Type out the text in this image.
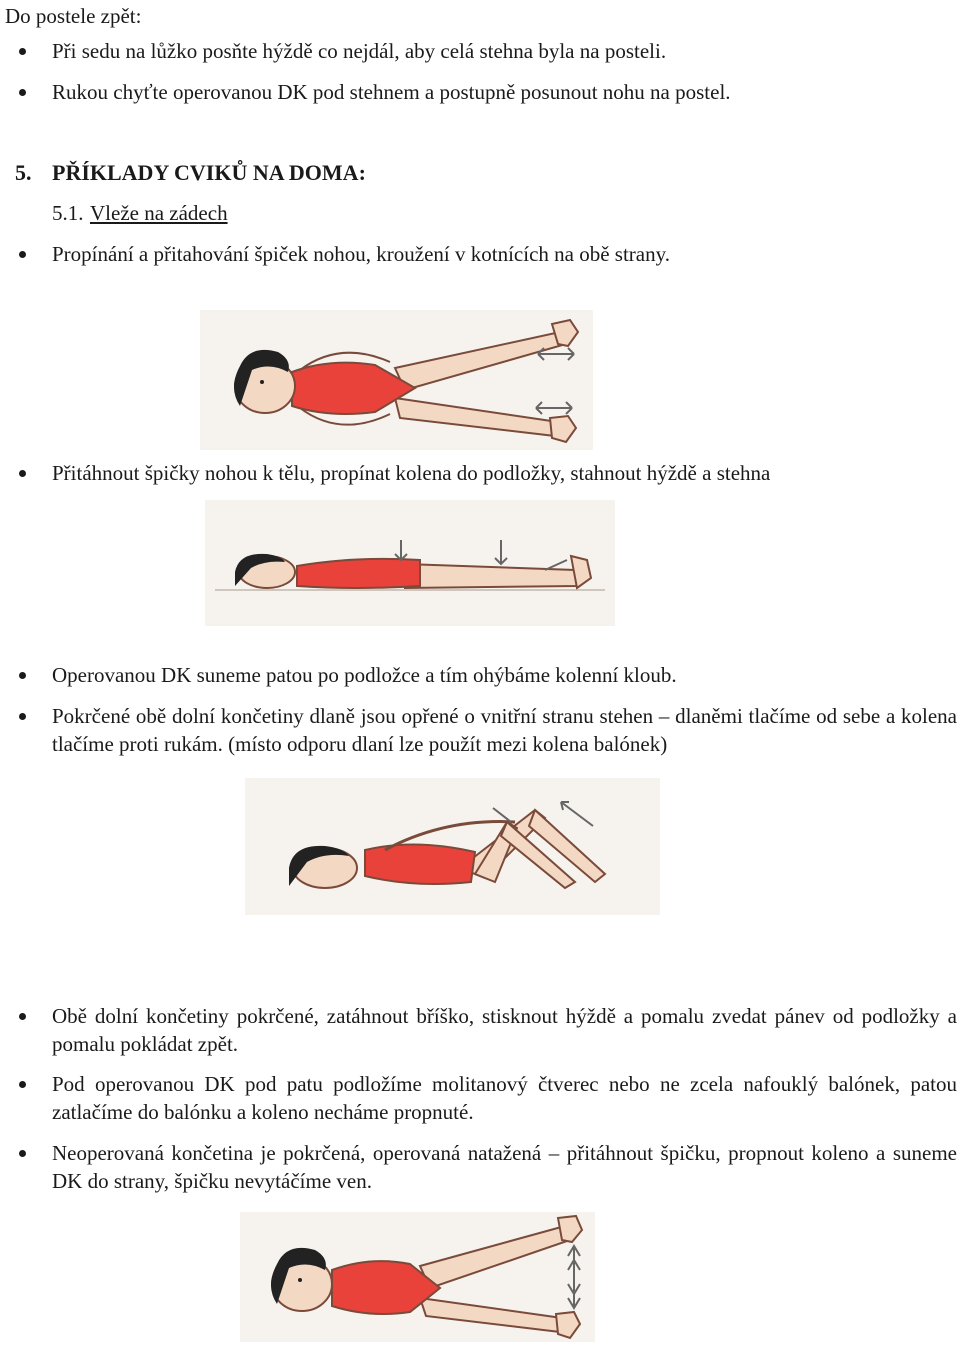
Do postele zpět:
Při sedu na lůžko posňte hýždě co nejdál, aby celá stehna byla na posteli.
Rukou chyťte operovanou DK pod stehnem a postupně posunout nohu na postel.
5. PŘÍKLADY CVIKŮ NA DOMA:
5.1. Vleže na zádech
Propínání a přitahování špiček nohou, kroužení v kotnících na obě strany.
Přitáhnout špičky nohou k tělu, propínat kolena do podložky, stahnout hýždě a stehna
Operovanou DK suneme patou po podložce a tím ohýbáme kolenní kloub.
Pokrčené obě dolní končetiny dlaně jsou opřené o vnitřní stranu stehen – dlaněmi tlačíme od sebe a kolena tlačíme proti rukám. (místo odporu dlaní lze použít mezi kolena balónek)
Obě dolní končetiny pokrčené, zatáhnout bříško, stisknout hýždě a pomalu zvedat pánev od podložky a pomalu pokládat zpět.
Pod operovanou DK pod patu podložíme molitanový čtverec nebo ne zcela nafouklý balónek, patou zatlačíme do balónku a koleno necháme propnuté.
Neoperovaná končetina je pokrčená, operovaná natažená – přitáhnout špičku, propnout koleno a suneme DK do strany, špičku nevytáčíme ven.
